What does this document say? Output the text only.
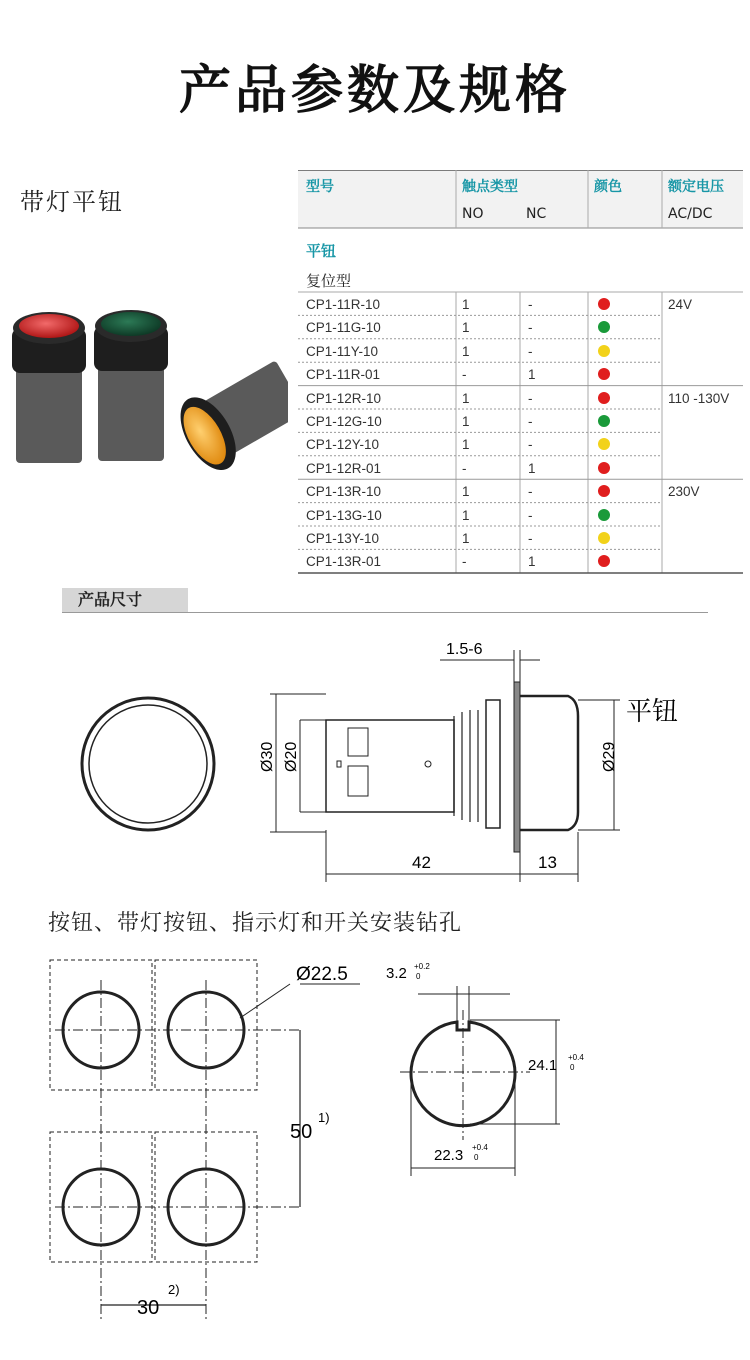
产品参数及规格
带灯平钮
型号	触点类型	颜色	额定电压
NO	NC	AC/DC
平钮
复位型
CP1-11R-10	1	-	24V
CP1-11G-10	1	-
CP1-11Y-10	1	-
CP1-11R-01	-	1
CP1-12R-10	1	-	110 -130V
CP1-12G-10	1	-
CP1-12Y-10	1	-
CP1-12R-01	-	1
CP1-13R-10	1	-	230V
CP1-13G-10	1	-
CP1-13Y-10	1	-
CP1-13R-01	-	1
产品尺寸
Ø30 Ø20	Ø29
42	13
1.5-6
平钮
按钮、带灯按钮、指示灯和开关安装钻孔
Ø22.5
50
1)
30
2)
3.2 +0.2
0
24.1 +0.4
0
22.3 +0.4
0
